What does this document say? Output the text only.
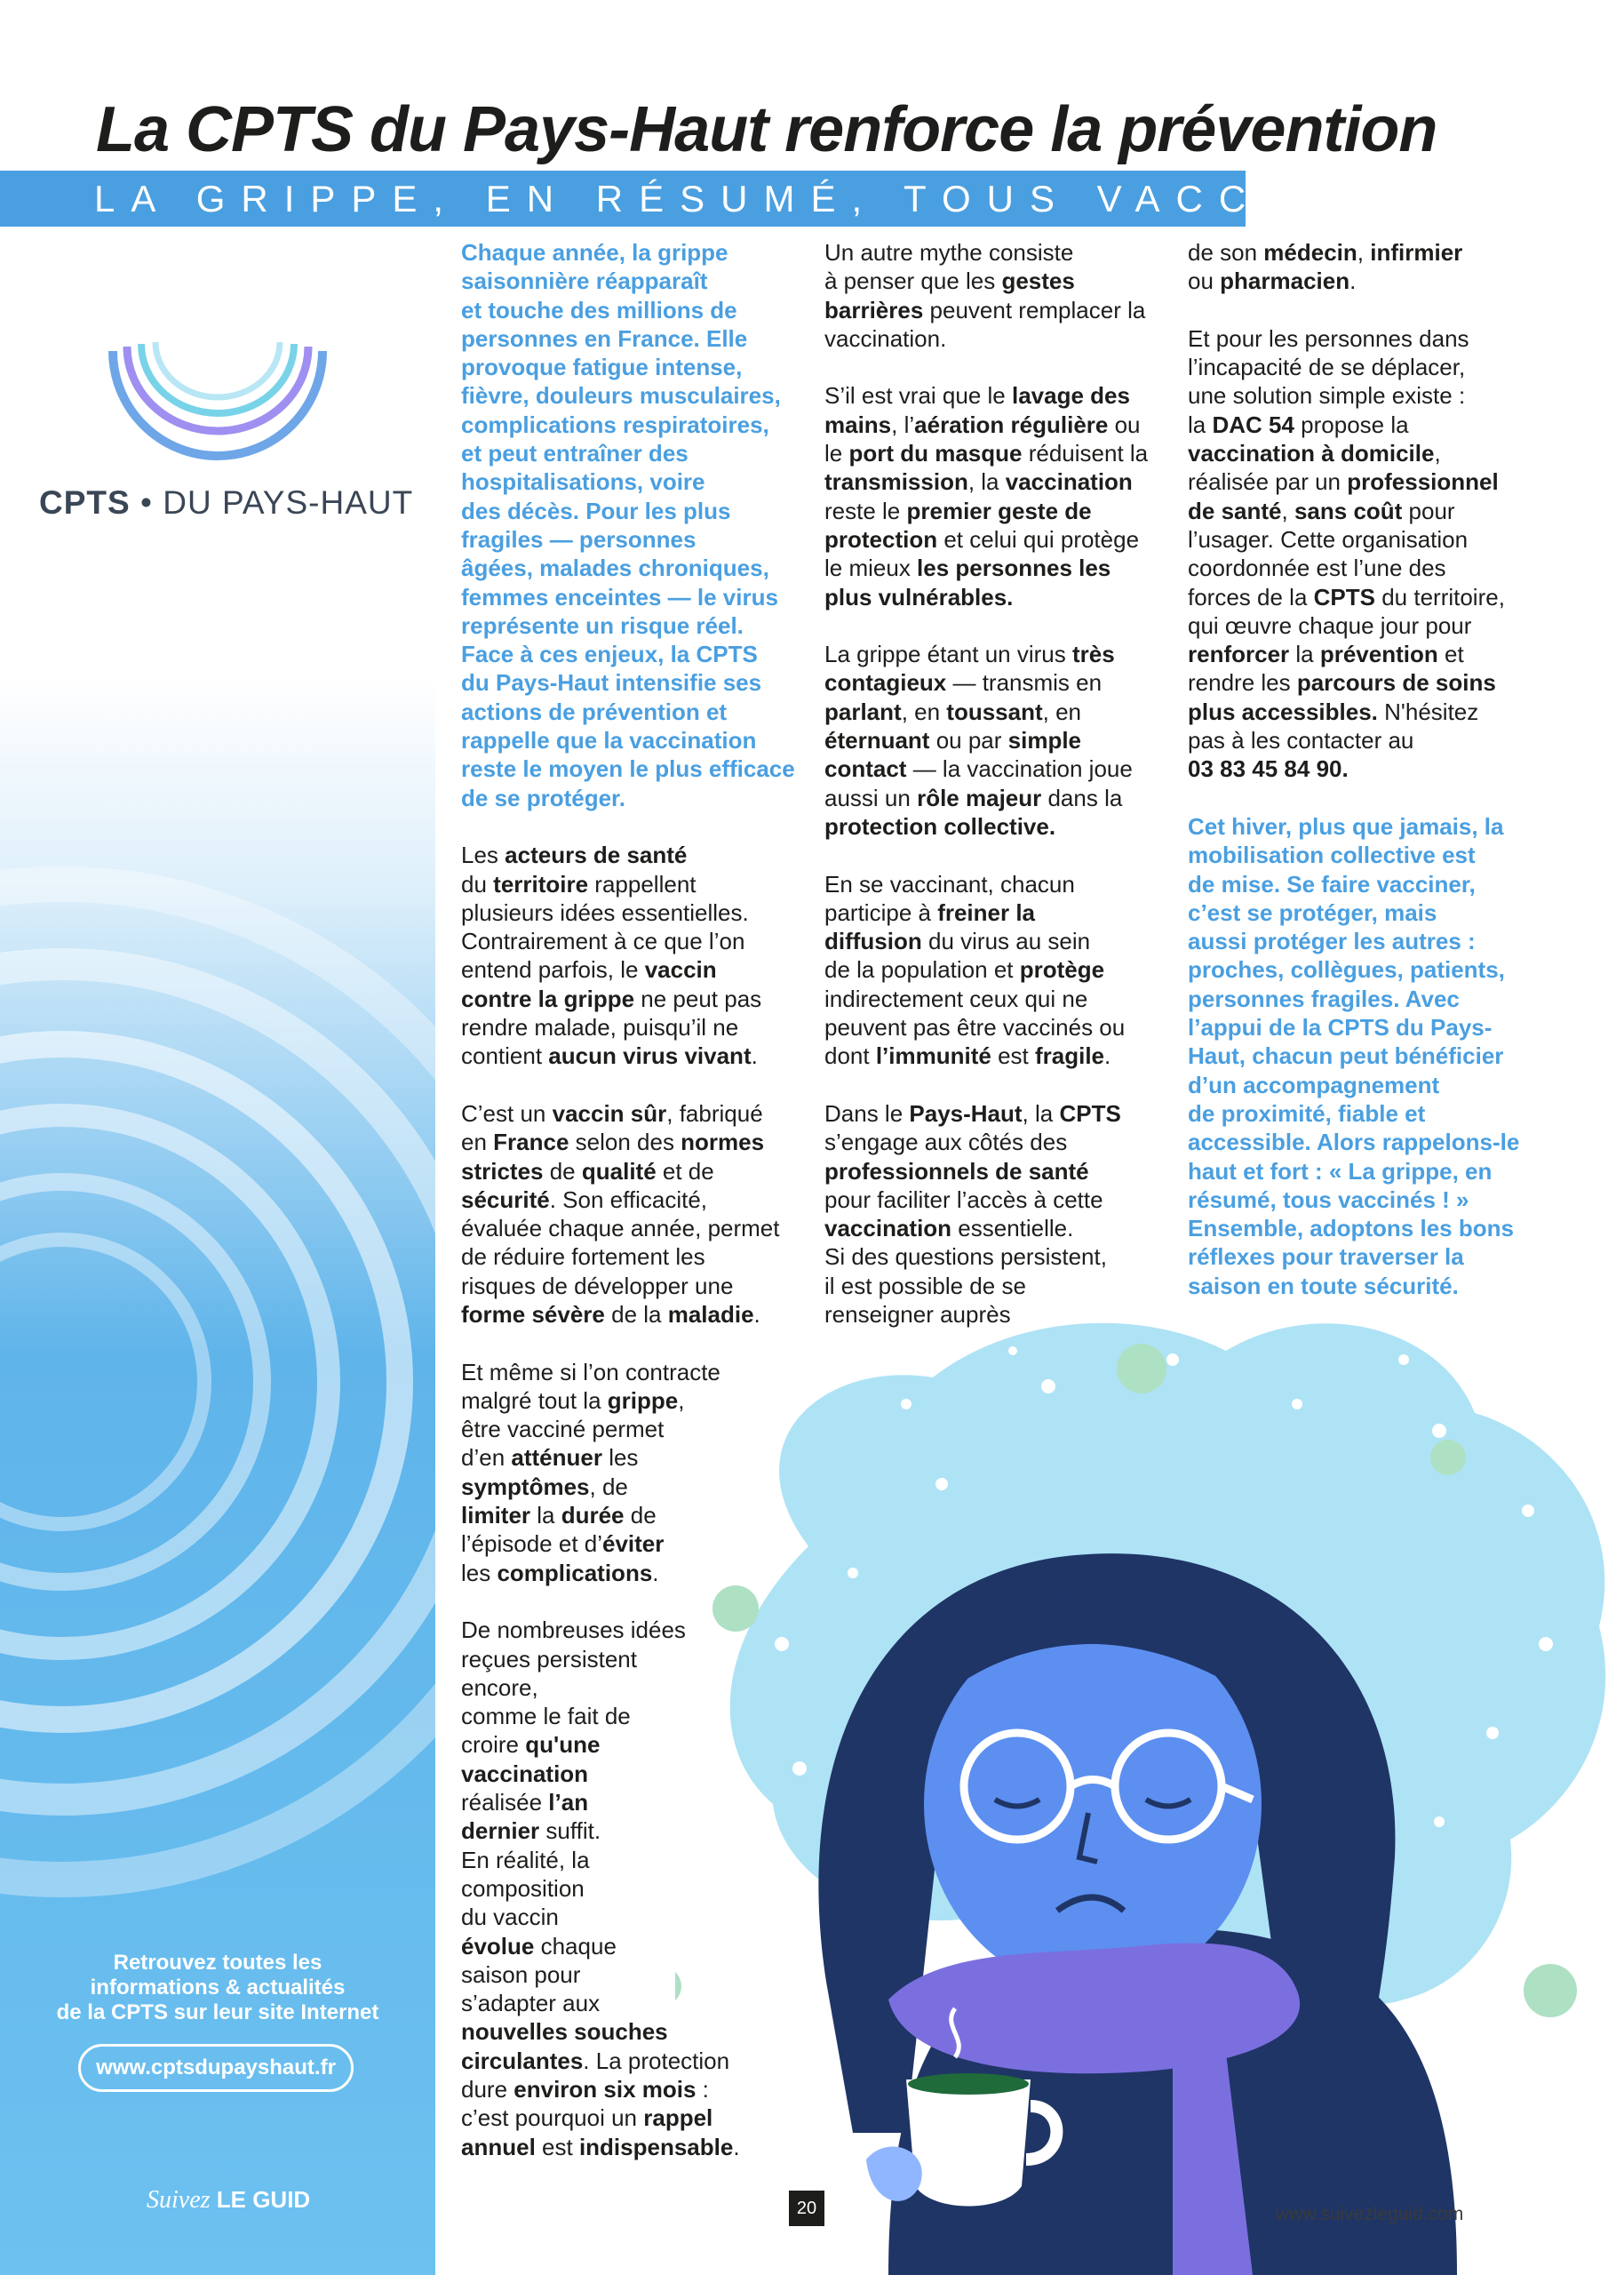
La CPTS du Pays-Haut renforce la prévention
LA GRIPPE, EN RÉSUMÉ, TOUS VACCINÉS !
CPTS • DU PAYS-HAUT
Retrouvez toutes les
informations & actualités
de la CPTS sur leur site Internet
www.cptsdupayshaut.fr
Suivez LE GUID

Chaque année, la grippe
saisonnière réapparaît
et touche des millions de
personnes en France. Elle
provoque fatigue intense,
fièvre, douleurs musculaires,
complications respiratoires,
et peut entraîner des
hospitalisations, voire
des décès. Pour les plus
fragiles — personnes
âgées, malades chroniques,
femmes enceintes — le virus
représente un risque réel.
Face à ces enjeux, la CPTS
du Pays-Haut intensifie ses
actions de prévention et
rappelle que la vaccination
reste le moyen le plus efficace
de se protéger.

Les acteurs de santé
du territoire rappellent
plusieurs idées essentielles.
Contrairement à ce que l’on
entend parfois, le vaccin
contre la grippe ne peut pas
rendre malade, puisqu’il ne
contient aucun virus vivant.

C’est un vaccin sûr, fabriqué
en France selon des normes
strictes de qualité et de
sécurité. Son efficacité,
évaluée chaque année, permet
de réduire fortement les
risques de développer une
forme sévère de la maladie.

Et même si l’on contracte
malgré tout la grippe,
être vacciné permet
d’en atténuer les
symptômes, de
limiter la durée de
l’épisode et d’éviter
les complications.

De nombreuses idées
reçues persistent
encore,
comme le fait de
croire qu'une
vaccination
réalisée l’an
dernier suffit.
En réalité, la
composition
du vaccin
évolue chaque
saison pour
s’adapter aux
nouvelles souches
circulantes. La protection
dure environ six mois :
c’est pourquoi un rappel
annuel est indispensable.

Un autre mythe consiste
à penser que les gestes
barrières peuvent remplacer la
vaccination.

S’il est vrai que le lavage des
mains, l’aération régulière ou
le port du masque réduisent la
transmission, la vaccination
reste le premier geste de
protection et celui qui protège
le mieux les personnes les
plus vulnérables.

La grippe étant un virus très
contagieux — transmis en
parlant, en toussant, en
éternuant ou par simple
contact — la vaccination joue
aussi un rôle majeur dans la
protection collective.

En se vaccinant, chacun
participe à freiner la
diffusion du virus au sein
de la population et protège
indirectement ceux qui ne
peuvent pas être vaccinés ou
dont l’immunité est fragile.

Dans le Pays-Haut, la CPTS
s’engage aux côtés des
professionnels de santé
pour faciliter l’accès à cette
vaccination essentielle.
Si des questions persistent,
il est possible de se
renseigner auprès

de son médecin, infirmier
ou pharmacien.

Et pour les personnes dans
l’incapacité de se déplacer,
une solution simple existe :
la DAC 54 propose la
vaccination à domicile,
réalisée par un professionnel
de santé, sans coût pour
l’usager. Cette organisation
coordonnée est l’une des
forces de la CPTS du territoire,
qui œuvre chaque jour pour
renforcer la prévention et
rendre les parcours de soins
plus accessibles. N'hésitez
pas à les contacter au
03 83 45 84 90.

Cet hiver, plus que jamais, la
mobilisation collective est
de mise. Se faire vacciner,
c’est se protéger, mais
aussi protéger les autres :
proches, collègues, patients,
personnes fragiles. Avec
l’appui de la CPTS du Pays-
Haut, chacun peut bénéficier
d’un accompagnement
de proximité, fiable et
accessible. Alors rappelons-le
haut et fort : « La grippe, en
résumé, tous vaccinés ! »
Ensemble, adoptons les bons
réflexes pour traverser la
saison en toute sécurité.

20	www.suivezleguid.com
